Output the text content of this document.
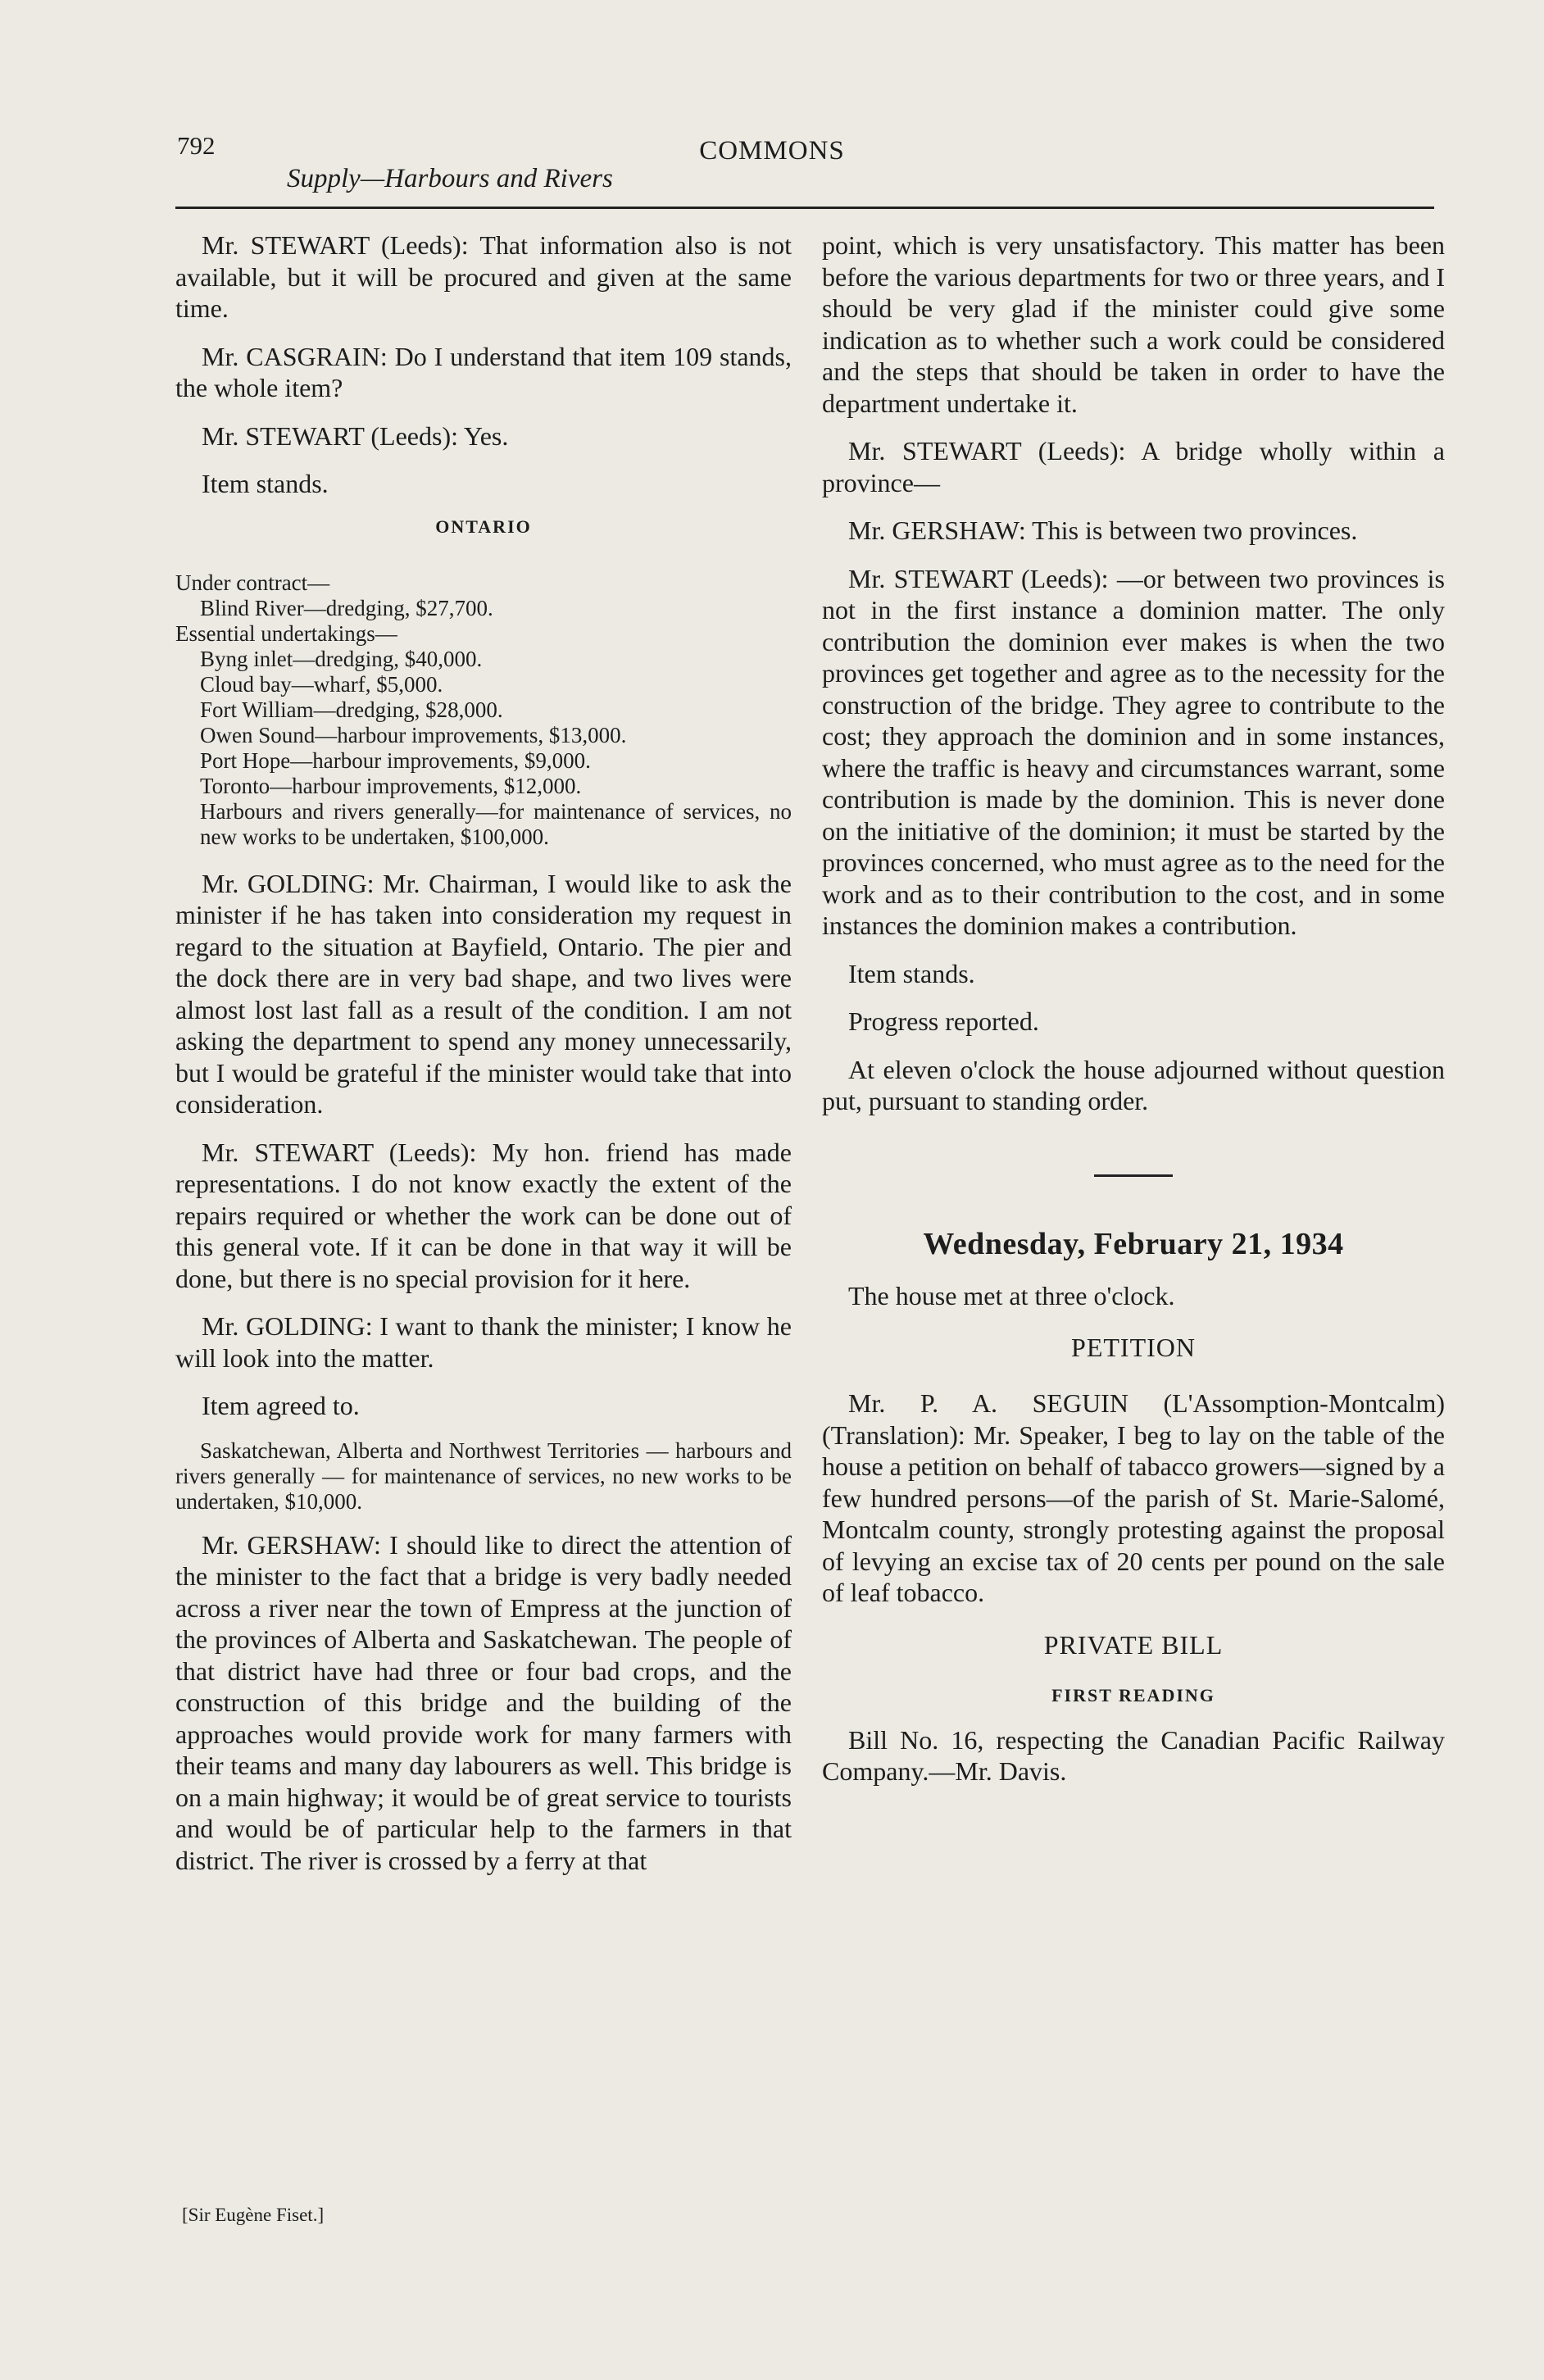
792	COMMONS
Supply—Harbours and Rivers

Mr. STEWART (Leeds): That information also is not available, but it will be procured and given at the same time.

Mr. CASGRAIN: Do I understand that item 109 stands, the whole item?

Mr. STEWART (Leeds): Yes.

Item stands.

ONTARIO
Under contract—
Blind River—dredging, $27,700.
Essential undertakings—
Byng inlet—dredging, $40,000.
Cloud bay—wharf, $5,000.
Fort William—dredging, $28,000.
Owen Sound—harbour improvements, $13,000.
Port Hope—harbour improvements, $9,000.
Toronto—harbour improvements, $12,000.
Harbours and rivers generally—for maintenance of services, no new works to be undertaken, $100,000.

Mr. GOLDING: Mr. Chairman, I would like to ask the minister if he has taken into consideration my request in regard to the situation at Bayfield, Ontario. The pier and the dock there are in very bad shape, and two lives were almost lost last fall as a result of the condition. I am not asking the department to spend any money unnecessarily, but I would be grateful if the minister would take that into consideration.

Mr. STEWART (Leeds): My hon. friend has made representations. I do not know exactly the extent of the repairs required or whether the work can be done out of this general vote. If it can be done in that way it will be done, but there is no special provision for it here.

Mr. GOLDING: I want to thank the minister; I know he will look into the matter.

Item agreed to.

Saskatchewan, Alberta and Northwest Territories — harbours and rivers generally — for maintenance of services, no new works to be undertaken, $10,000.

Mr. GERSHAW: I should like to direct the attention of the minister to the fact that a bridge is very badly needed across a river near the town of Empress at the junction of the provinces of Alberta and Saskatchewan. The people of that district have had three or four bad crops, and the construction of this bridge and the building of the approaches would provide work for many farmers with their teams and many day labourers as well. This bridge is on a main highway; it would be of great service to tourists and would be of particular help to the farmers in that district. The river is crossed by a ferry at that

point, which is very unsatisfactory. This matter has been before the various departments for two or three years, and I should be very glad if the minister could give some indication as to whether such a work could be considered and the steps that should be taken in order to have the department undertake it.

Mr. STEWART (Leeds): A bridge wholly within a province—

Mr. GERSHAW: This is between two provinces.

Mr. STEWART (Leeds): —or between two provinces is not in the first instance a dominion matter. The only contribution the dominion ever makes is when the two provinces get together and agree as to the necessity for the construction of the bridge. They agree to contribute to the cost; they approach the dominion and in some instances, where the traffic is heavy and circumstances warrant, some contribution is made by the dominion. This is never done on the initiative of the dominion; it must be started by the provinces concerned, who must agree as to the need for the work and as to their contribution to the cost, and in some instances the dominion makes a contribution.

Item stands.

Progress reported.

At eleven o'clock the house adjourned without question put, pursuant to standing order.

Wednesday, February 21, 1934

The house met at three o'clock.

PETITION

Mr. P. A. SEGUIN (L'Assomption-Montcalm) (Translation): Mr. Speaker, I beg to lay on the table of the house a petition on behalf of tabacco growers—signed by a few hundred persons—of the parish of St. Marie-Salomé, Montcalm county, strongly protesting against the proposal of levying an excise tax of 20 cents per pound on the sale of leaf tobacco.

PRIVATE BILL
FIRST READING

Bill No. 16, respecting the Canadian Pacific Railway Company.—Mr. Davis.

[Sir Eugène Fiset.]
